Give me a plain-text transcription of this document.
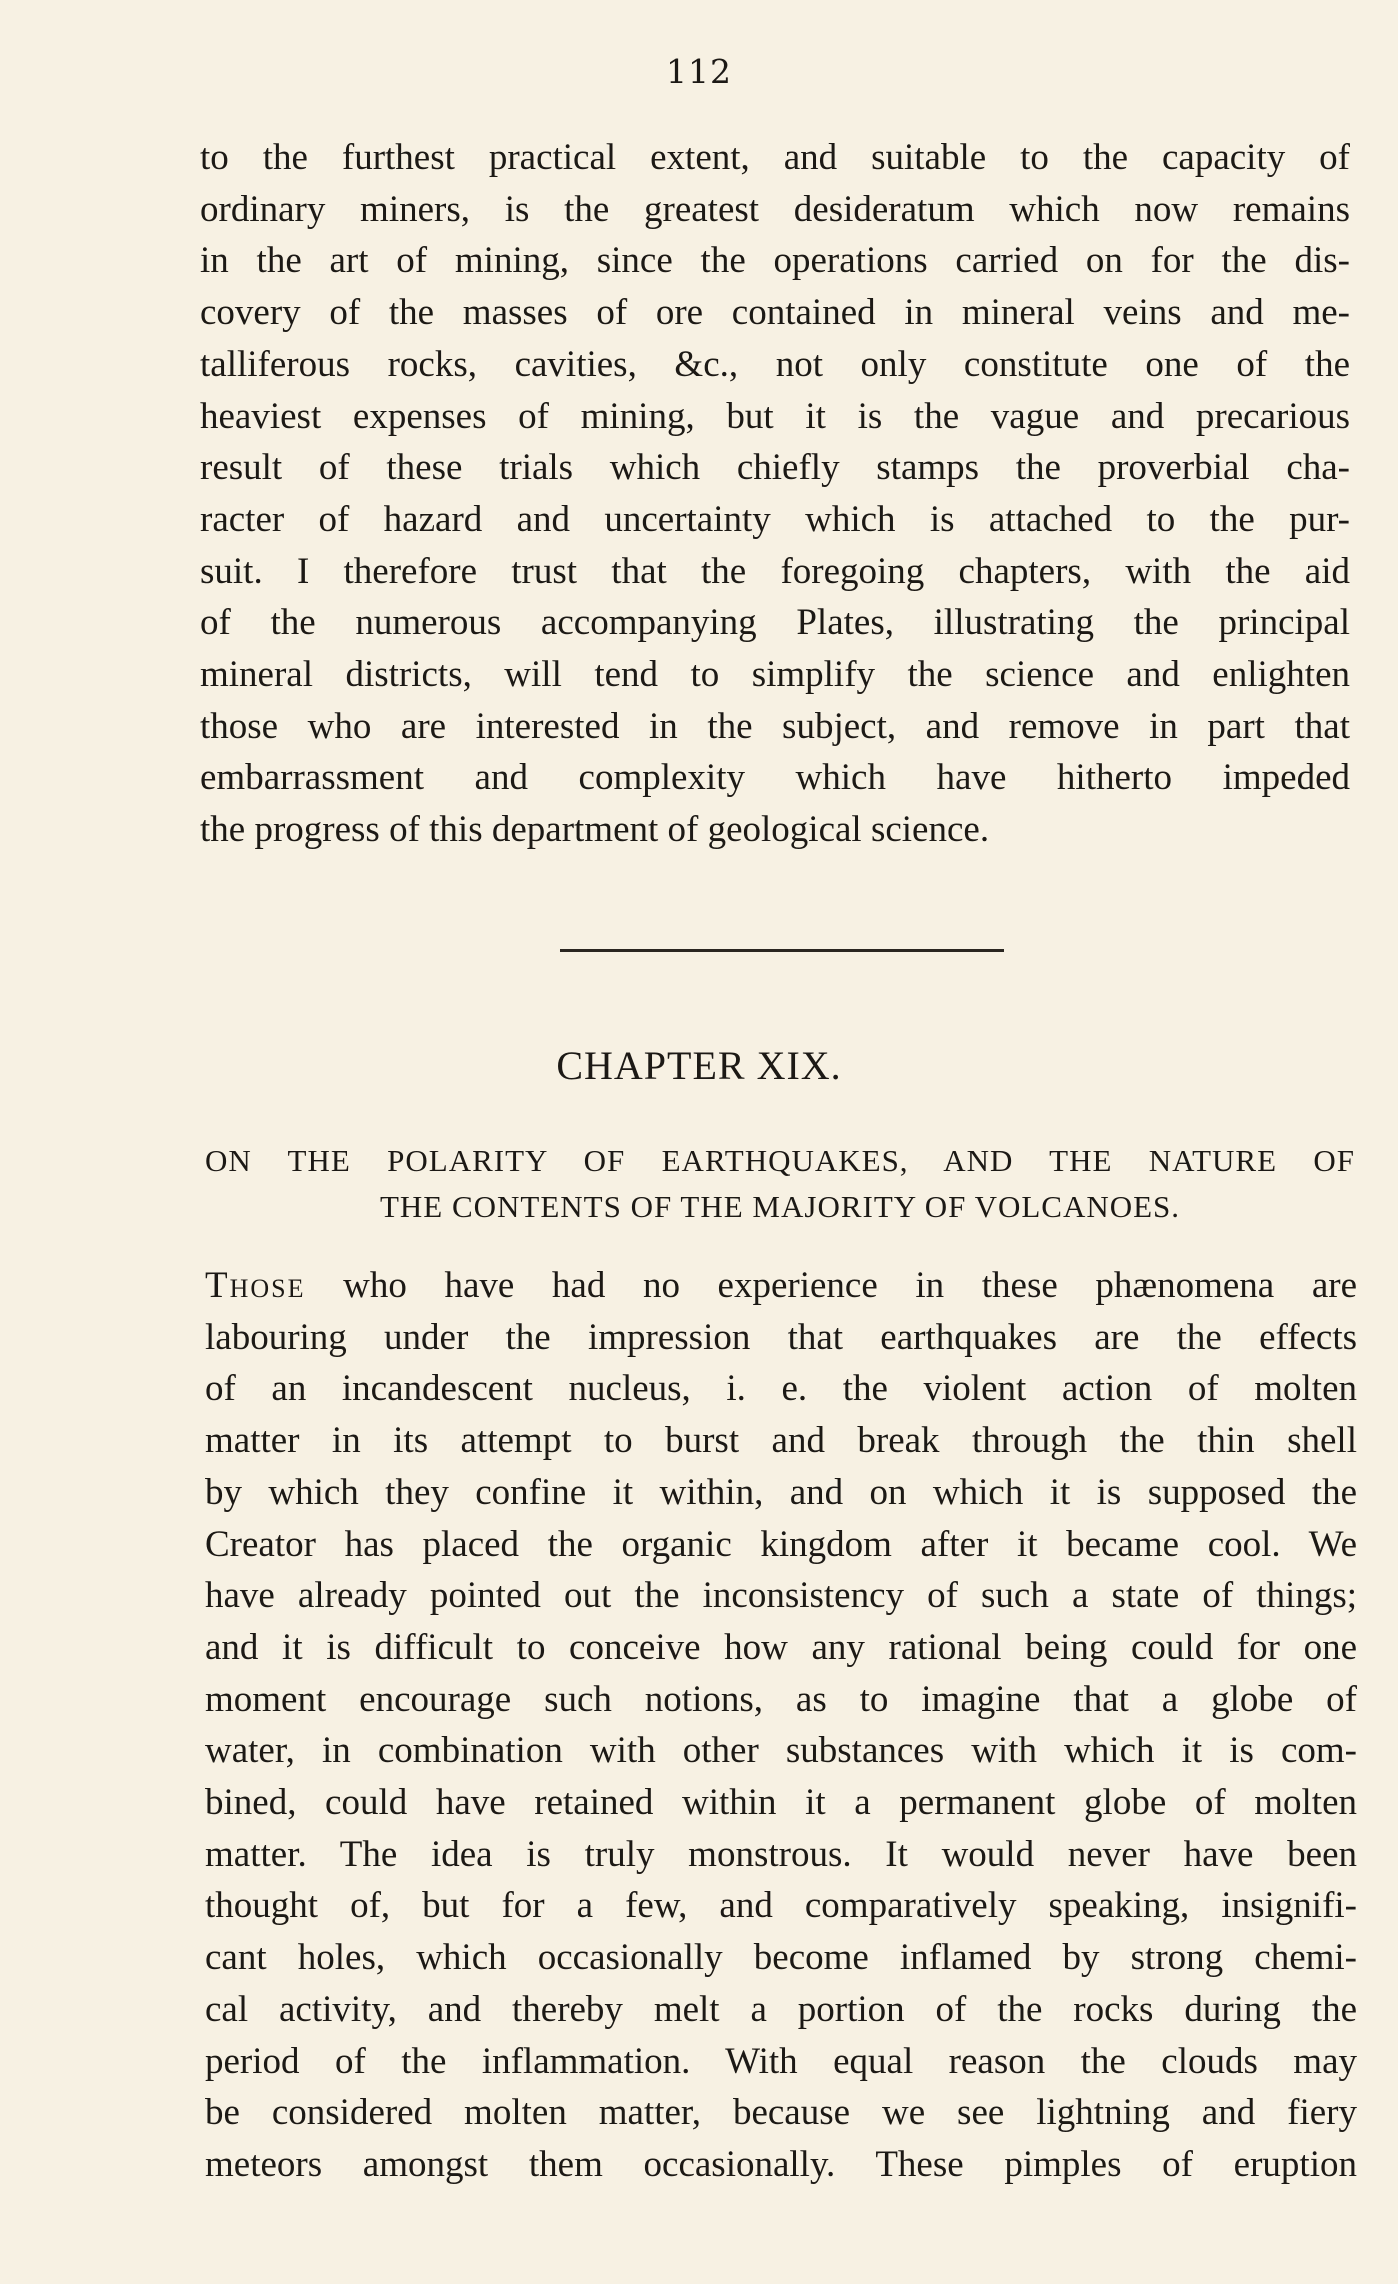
112
to the furthest practical extent, and suitable to the capacity of
ordinary miners, is the greatest desideratum which now remains
in the art of mining, since the operations carried on for the dis-
covery of the masses of ore contained in mineral veins and me-
talliferous rocks, cavities, &c., not only constitute one of the
heaviest expenses of mining, but it is the vague and precarious
result of these trials which chiefly stamps the proverbial cha-
racter of hazard and uncertainty which is attached to the pur-
suit. I therefore trust that the foregoing chapters, with the aid
of the numerous accompanying Plates, illustrating the principal
mineral districts, will tend to simplify the science and enlighten
those who are interested in the subject, and remove in part that
embarrassment and complexity which have hitherto impeded
the progress of this department of geological science.
CHAPTER XIX.
ON THE POLARITY OF EARTHQUAKES, AND THE NATURE OF
THE CONTENTS OF THE MAJORITY OF VOLCANOES.
Those who have had no experience in these phænomena are
labouring under the impression that earthquakes are the effects
of an incandescent nucleus, i. e. the violent action of molten
matter in its attempt to burst and break through the thin shell
by which they confine it within, and on which it is supposed the
Creator has placed the organic kingdom after it became cool. We
have already pointed out the inconsistency of such a state of things;
and it is difficult to conceive how any rational being could for one
moment encourage such notions, as to imagine that a globe of
water, in combination with other substances with which it is com-
bined, could have retained within it a permanent globe of molten
matter. The idea is truly monstrous. It would never have been
thought of, but for a few, and comparatively speaking, insignifi-
cant holes, which occasionally become inflamed by strong chemi-
cal activity, and thereby melt a portion of the rocks during the
period of the inflammation. With equal reason the clouds may
be considered molten matter, because we see lightning and fiery
meteors amongst them occasionally. These pimples of eruption
